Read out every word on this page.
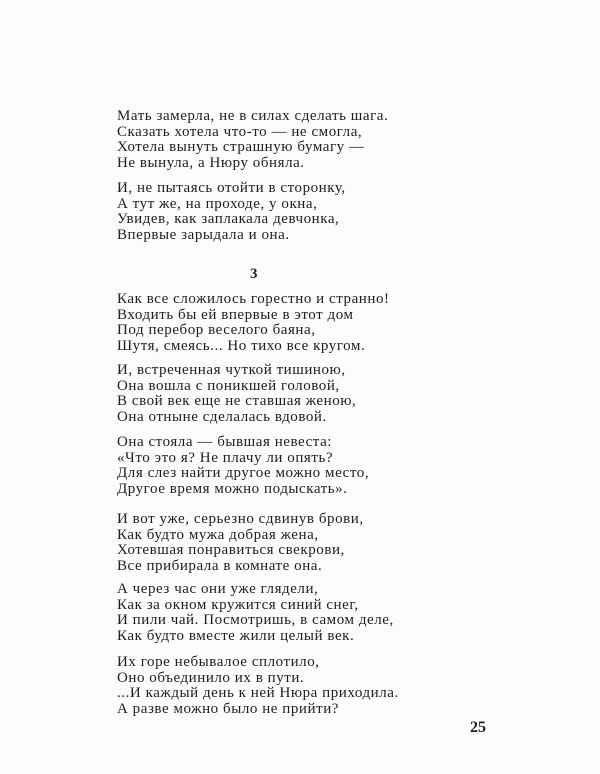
Мать замерла, не в силах сделать шага.
Сказать хотела что-то — не смогла,
Хотела вынуть страшную бумагу —
Не вынула, а Нюру обняла.
И, не пытаясь отойти в сторонку,
А тут же, на проходе, у окна,
Увидев, как заплакала девчонка,
Впервые зарыдала и она.
3
Как все сложилось горестно и странно!
Входить бы ей впервые в этот дом
Под перебор веселого баяна,
Шутя, смеясь... Но тихо все кругом.
И, встреченная чуткой тишиною,
Она вошла с поникшей головой,
В свой век еще не ставшая женою,
Она отныне сделалась вдовой.
Она стояла — бывшая невеста:
«Что это я? Не плачу ли опять?
Для слез найти другое можно место,
Другое время можно подыскать».
И вот уже, серьезно сдвинув брови,
Как будто мужа добрая жена,
Хотевшая понравиться свекрови,
Все прибирала в комнате она.
А через час они уже глядели,
Как за окном кружится синий снег,
И пили чай. Посмотришь, в самом деле,
Как будто вместе жили целый век.
Их горе небывалое сплотило,
Оно объединило их в пути.
...И каждый день к ней Нюра приходила.
А разве можно было не прийти?
25
